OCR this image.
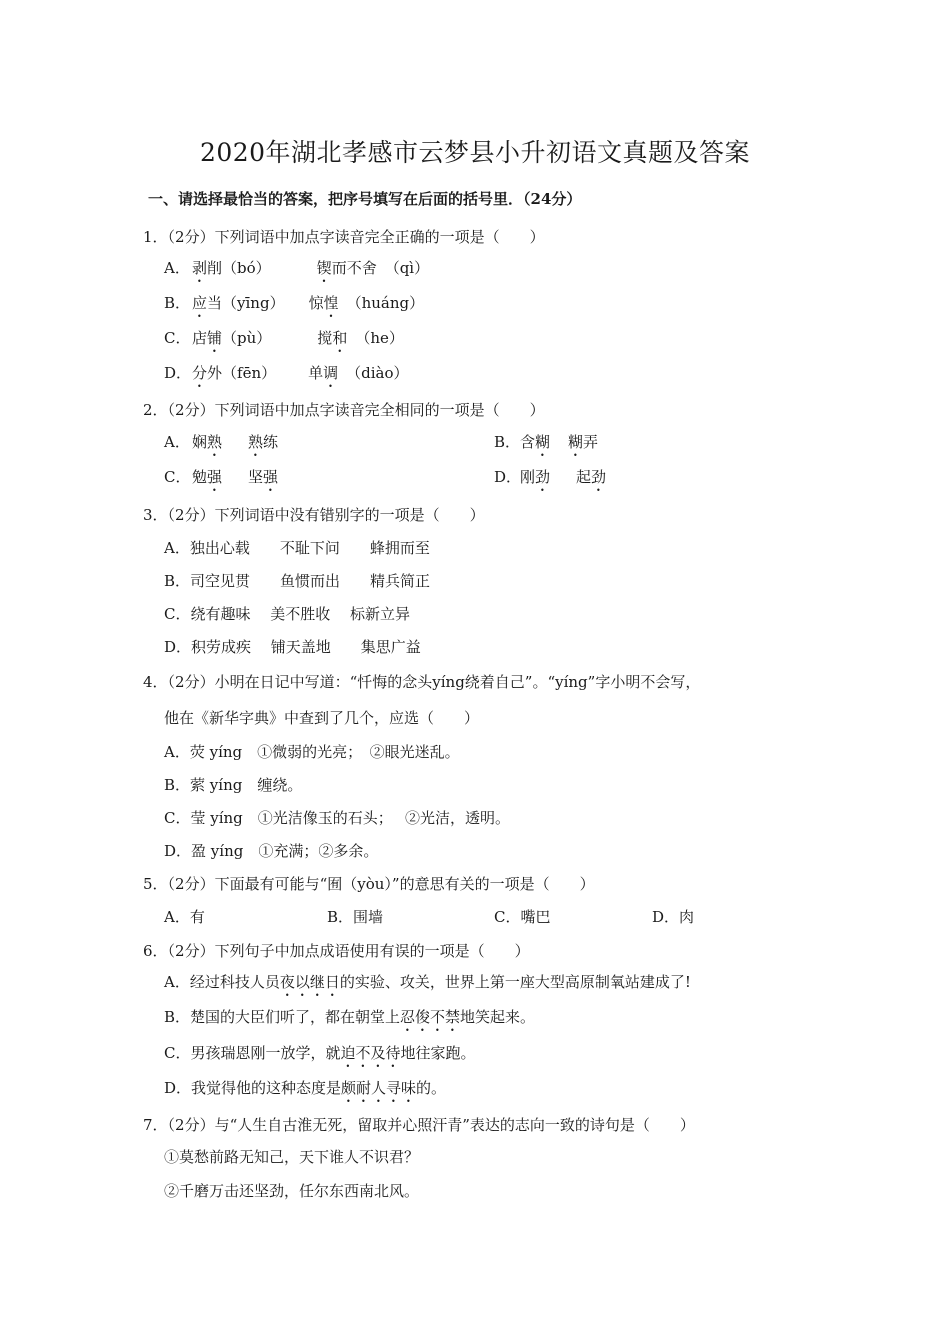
2020年湖北孝感市云梦县小升初语文真题及答案
一、请选择最恰当的答案，把序号填写在后面的括号里．（24分）
1．（2分）下列词语中加点字读音完全正确的一项是（　　）
A． 剥削（bó）	锲而不舍 （qì）
B． 应当（yīng） 惊惶 （huáng）
C． 店铺（pù）	搅和 （he）
D．分外（fēn） 单调 （diào）
2．（2分）下列词语中加点字读音完全相同的一项是（　　）
A． 娴熟 熟练	B．含糊 糊弄
C． 勉强 坚强	D．刚劲 起劲
3．（2分）下列词语中没有错别字的一项是（　　）
A．独出心载　　不耻下问　　蜂拥而至
B．司空见贯　　鱼惯而出　　精兵简正
C．绕有趣味　 美不胜收　 标新立异
D．积劳成疾　 铺天盖地　　集思广益
4．（2分）小明在日记中写道：“忏悔的念头yíng绕着自己”。“yíng”字小明不会写，
他在《新华字典》中查到了几个，应选（　　）
A．荧 yíng　①微弱的光亮；　②眼光迷乱。
B．萦 yíng　缠绕。
C．莹 yíng　①光洁像玉的石头；　 ②光洁，透明。
D．盈 yíng　①充满；②多余。
5．（2分）下面最有可能与“囿（yòu）”的意思有关的一项是（　　）
A．有	B．围墙	C．嘴巴	D．肉
6．（2分）下列句子中加点成语使用有误的一项是（　　）
A．经过科技人员夜以继日的实验、攻关，世界上第一座大型高原制氧站建成了!
B．楚国的大臣们听了，都在朝堂上忍俊不禁地笑起来。
C．男孩瑞恩刚一放学，就迫不及待地往家跑。
D．我觉得他的这种态度是颇耐人寻味的。
7．（2分）与“人生自古淮无死，留取并心照汗青”表达的志向一致的诗句是（　　）
①莫愁前路无知己，天下谁人不识君？
②千磨万击还坚劲，任尔东西南北风。
